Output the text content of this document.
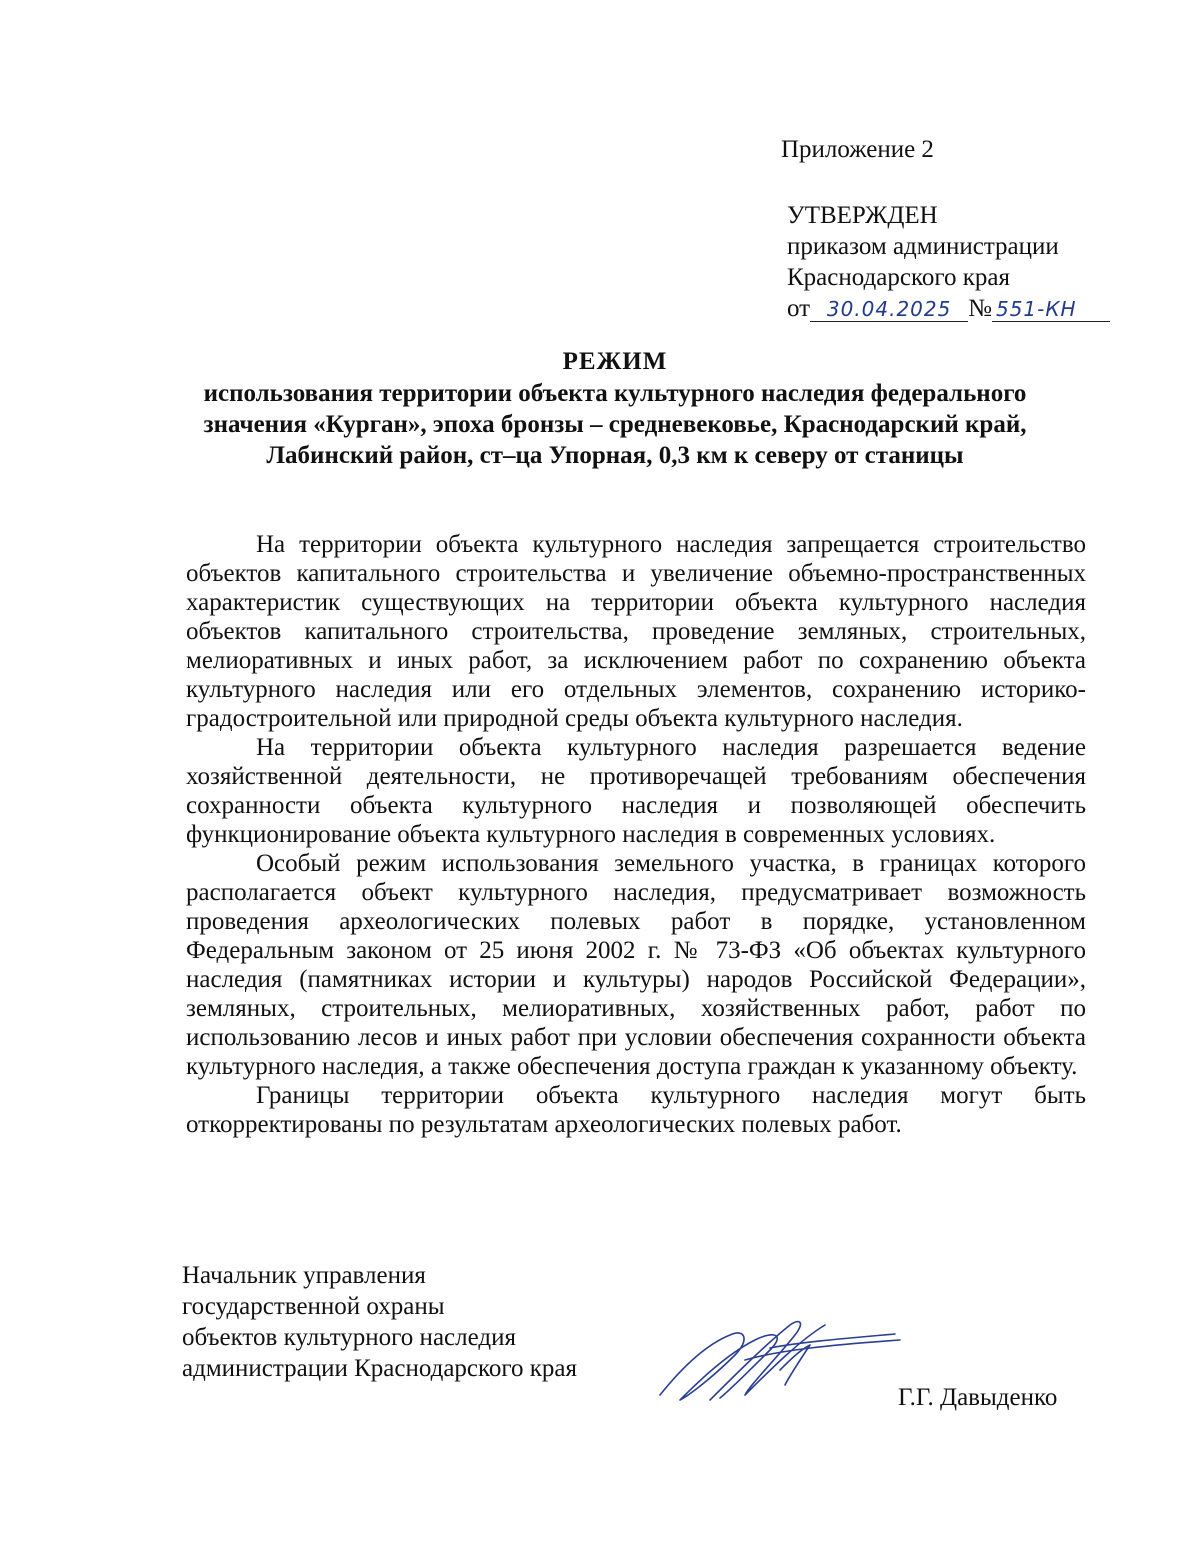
Приложение 2
УТВЕРЖДЕН
приказом администрации
Краснодарского края
от 30.04.2025 № 551-КН
РЕЖИМ
использования территории объекта культурного наследия федерального
значения «Курган», эпоха бронзы – средневековье, Краснодарский край,
Лабинский район, ст–ца Упорная, 0,3 км к северу от станицы

На территории объекта культурного наследия запрещается строительство объектов капитального строительства и увеличение объемно-пространственных характеристик существующих на территории объекта культурного наследия объектов капитального строительства, проведение земляных, строительных, мелиоративных и иных работ, за исключением работ по сохранению объекта культурного наследия или его отдельных элементов, сохранению историко-градостроительной или природной среды объекта культурного наследия.

На территории объекта культурного наследия разрешается ведение хозяйственной деятельности, не противоречащей требованиям обеспечения сохранности объекта культурного наследия и позволяющей обеспечить функционирование объекта культурного наследия в современных условиях.

Особый режим использования земельного участка, в границах которого располагается объект культурного наследия, предусматривает возможность проведения археологических полевых работ в порядке, установленном Федеральным законом от 25 июня 2002 г. № 73-ФЗ «Об объектах культурного наследия (памятниках истории и культуры) народов Российской Федерации», земляных, строительных, мелиоративных, хозяйственных работ, работ по использованию лесов и иных работ при условии обеспечения сохранности объекта культурного наследия, а также обеспечения доступа граждан к указанному объекту.

Границы территории объекта культурного наследия могут быть откорректированы по результатам археологических полевых работ.

Начальник управления
государственной охраны
объектов культурного наследия
администрации Краснодарского края
Г.Г. Давыденко
